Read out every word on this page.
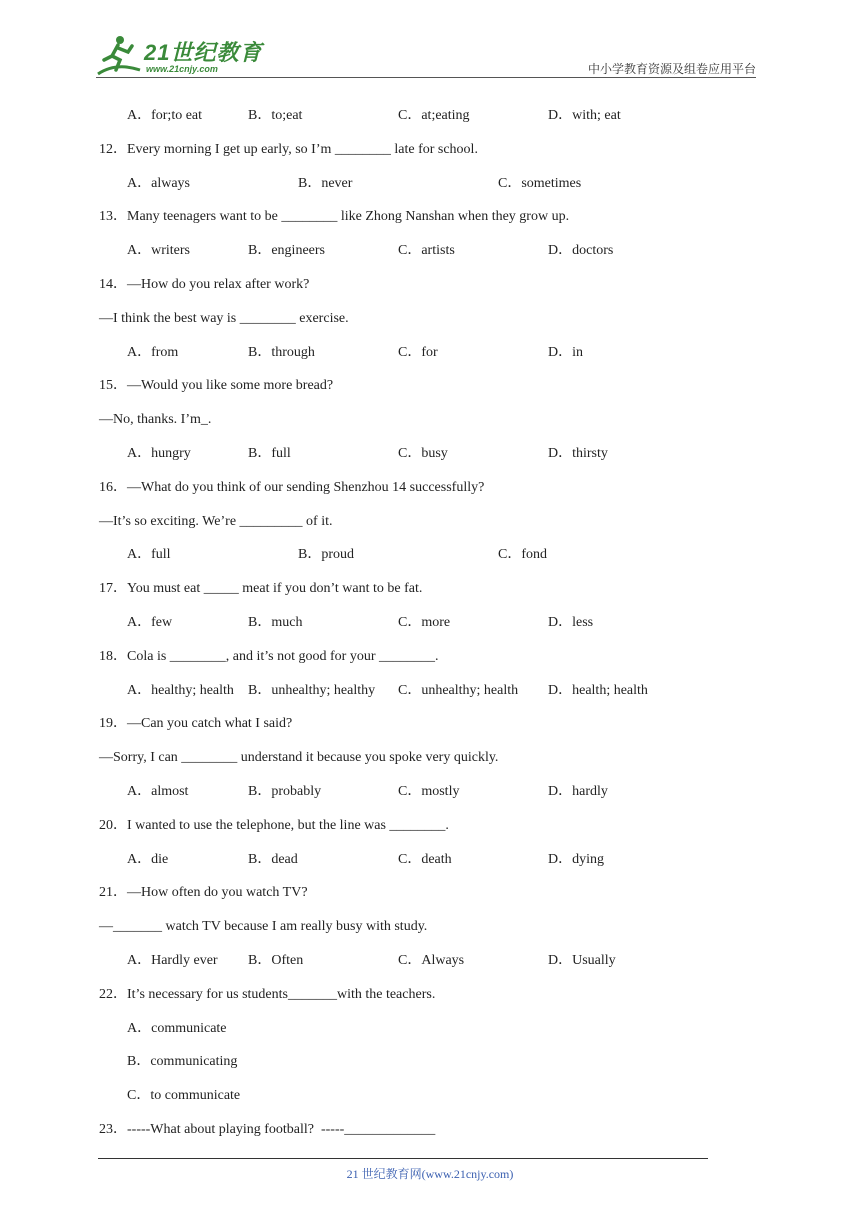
21世纪教育
www.21cnjy.com	中小学教育资源及组卷应用平台
A．for;to eat	B．to;eat	C．at;eating	D．with; eat
12．Every morning I get up early, so I’m ________ late for school.
A．always	B．never	C．sometimes
13．Many teenagers want to be ________ like Zhong Nanshan when they grow up.
A．writers	B．engineers	C．artists	D．doctors
14．—How do you relax after work?
—I think the best way is ________ exercise.
A．from	B．through	C．for	D．in
15．—Would you like some more bread?
—No, thanks. I’m_.
A．hungry	B．full	C．busy	D．thirsty
16．—What do you think of our sending Shenzhou 14 successfully?
—It’s so exciting. We’re _________ of it.
A．full	B．proud	C．fond
17．You must eat _____ meat if you don’t want to be fat.
A．few	B．much	C．more	D．less
18．Cola is ________, and it’s not good for your ________.
A．healthy; health B．unhealthy; healthy C．unhealthy; health D．health; health
19．—Can you catch what I said?
—Sorry, I can ________ understand it because you spoke very quickly.
A．almost	B．probably	C．mostly	D．hardly
20．I wanted to use the telephone, but the line was ________.
A．die	B．dead	C．death	D．dying
21．—How often do you watch TV?
—_______ watch TV because I am really busy with study.
A．Hardly ever B．Often	C．Always	D．Usually
22．It’s necessary for us students_______with the teachers.
A．communicate
B．communicating
C．to communicate
23．-----What about playing football?  -----_____________
21 世纪教育网(www.21cnjy.com)
